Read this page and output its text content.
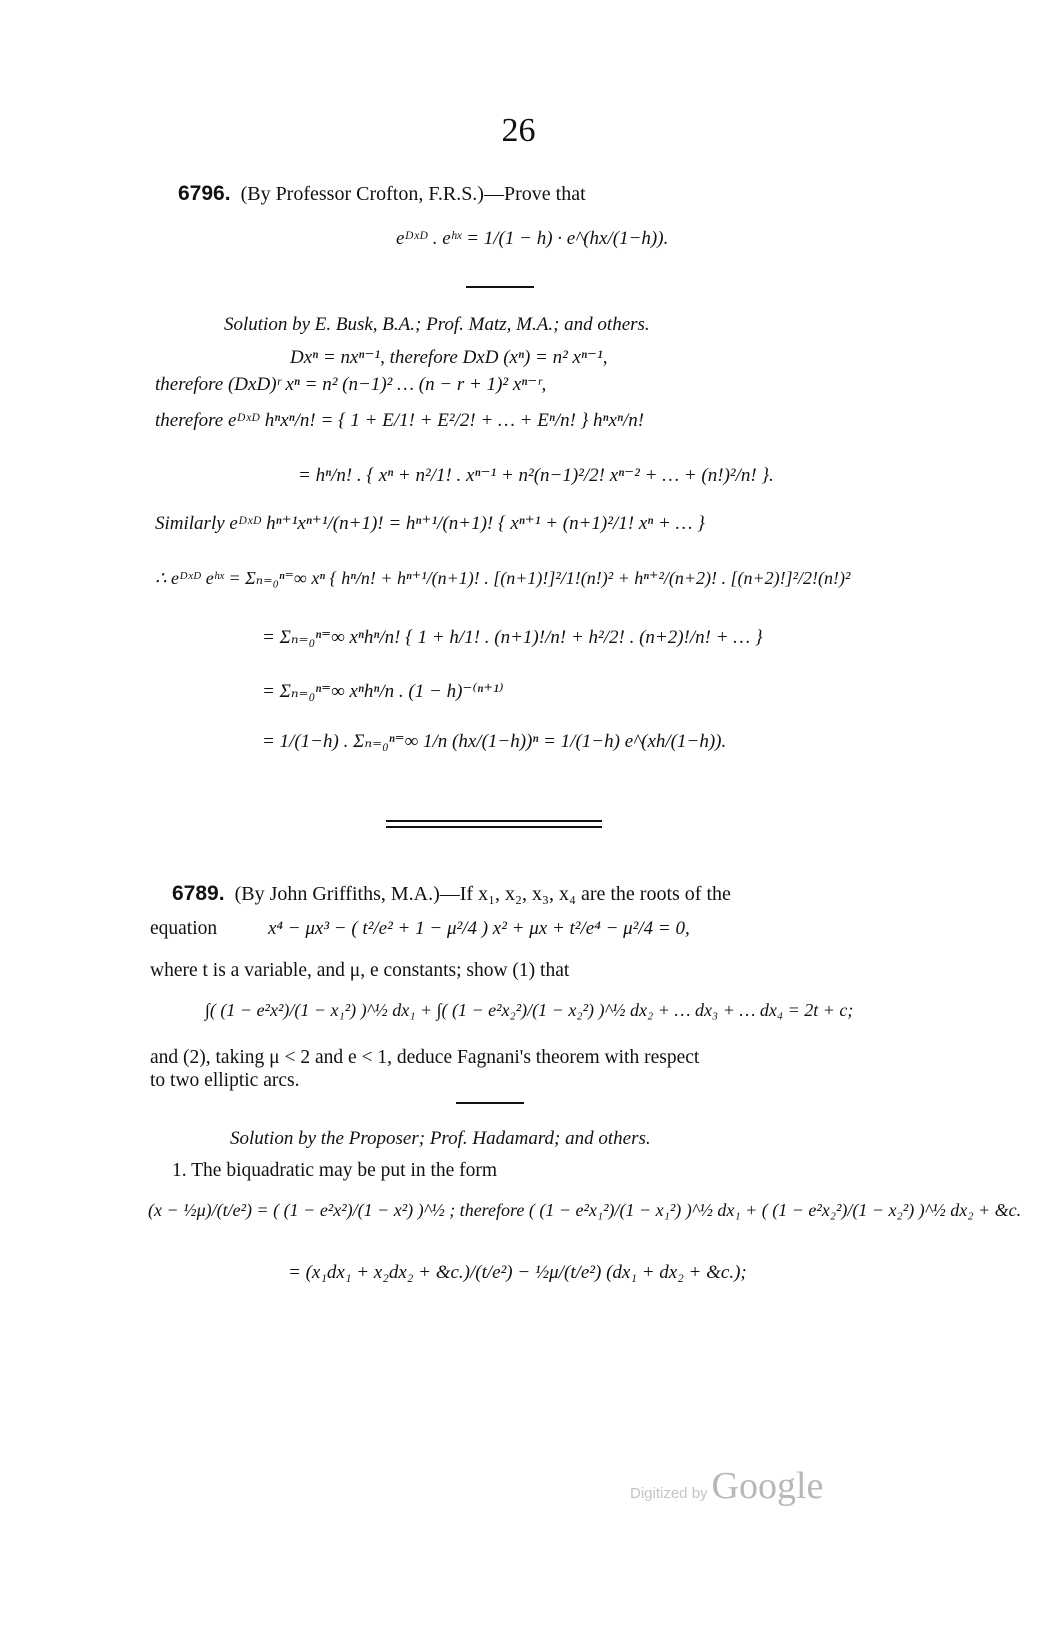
26
6796. (By Professor Crofton, F.R.S.)—Prove that
eᴰˣᴰ . eʰˣ = 1/(1 − h) · e^(hx/(1−h)).
Solution by E. Busk, B.A.; Prof. Matz, M.A.; and others.
Dxⁿ = nxⁿ⁻¹, therefore DxD (xⁿ) = n² xⁿ⁻¹,
therefore (DxD)ʳ xⁿ = n² (n−1)² … (n − r + 1)² xⁿ⁻ʳ,
therefore eᴰˣᴰ hⁿxⁿ/n! = { 1 + E/1! + E²/2! + … + Eⁿ/n! } hⁿxⁿ/n!
= hⁿ/n! . { xⁿ + n²/1! . xⁿ⁻¹ + n²(n−1)²/2! xⁿ⁻² + … + (n!)²/n! }.
Similarly eᴰˣᴰ hⁿ⁺¹xⁿ⁺¹/(n+1)! = hⁿ⁺¹/(n+1)! { xⁿ⁺¹ + (n+1)²/1! xⁿ + … }
∴ eᴰˣᴰ eʰˣ = Σₙ₌₀ⁿ⁼∞ xⁿ { hⁿ/n! + hⁿ⁺¹/(n+1)! . [(n+1)!]²/1!(n!)² + hⁿ⁺²/(n+2)! . [(n+2)!]²/2!(n!)²
= Σₙ₌₀ⁿ⁼∞ xⁿhⁿ/n! { 1 + h/1! . (n+1)!/n! + h²/2! . (n+2)!/n! + … }
= Σₙ₌₀ⁿ⁼∞ xⁿhⁿ/n . (1 − h)⁻⁽ⁿ⁺¹⁾
= 1/(1−h) . Σₙ₌₀ⁿ⁼∞ 1/n (hx/(1−h))ⁿ = 1/(1−h) e^(xh/(1−h)).
6789. (By John Griffiths, M.A.)—If x₁, x₂, x₃, x₄ are the roots of the
equation	x⁴ − μx³ − ( t²/e² + 1 − μ²/4 ) x² + μx + t²/e⁴ − μ²/4 = 0,
where t is a variable, and μ, e constants; show (1) that
∫( (1 − e²x²)/(1 − x₁²) )^½ dx₁ + ∫( (1 − e²x₂²)/(1 − x₂²) )^½ dx₂ + … dx₃ + … dx₄ = 2t + c;
and (2), taking μ < 2 and e < 1, deduce Fagnani's theorem with respect
to two elliptic arcs.
Solution by the Proposer; Prof. Hadamard; and others.
1. The biquadratic may be put in the form
(x − ½μ)/(t/e²) = ( (1 − e²x²)/(1 − x²) )^½ ; therefore ( (1 − e²x₁²)/(1 − x₁²) )^½ dx₁ + ( (1 − e²x₂²)/(1 − x₂²) )^½ dx₂ + &c.
= (x₁dx₁ + x₂dx₂ + &c.)/(t/e²) − ½μ/(t/e²) (dx₁ + dx₂ + &c.);
Digitized by Google
